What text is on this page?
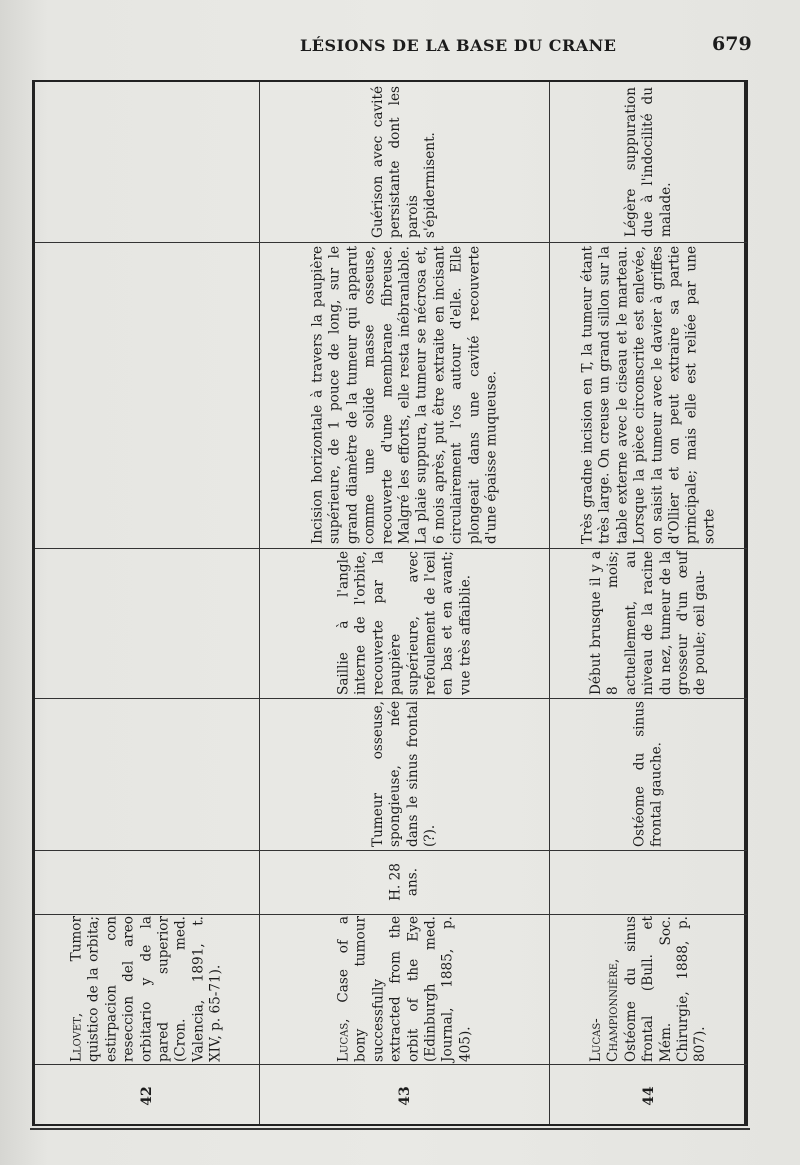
LÉSIONS DE LA BASE DU CRANE	679
Llovet, Tumor quistico de la orbita; estirpacion con reseccion del areo orbitario y de la pared superior (Cron. med. Valencia, 1891, t. XIV, p. 65-71).
42
Guérison avec cavité persistante dont les parois s'épidermisent.
Incision horizontale à travers la paupière supérieure, de 1 pouce de long, sur le grand diamètre de la tumeur qui apparut comme une solide masse osseuse, recouverte d'une membrane fibreuse. Malgré les efforts, elle resta inébranlable. La plaie suppura, la tumeur se nécrosa et, 6 mois après, put être extraite en incisant circulairement l'os autour d'elle. Elle plongeait dans une cavité recouverte d'une épaisse muqueuse.
Saillie à l'angle interne de l'orbite, recouverte par la paupière supérieure, avec refoulement de l'œil en bas et en avant; vue très affaiblie.
Tumeur osseuse, spongieuse, née dans le sinus frontal (?).
H. 28 ans.
Lucas, Case of a bony tumour successfully extracted from the orbit of the Eye (Edinburgh med. Journal, 1885, p. 405).
43
Légère suppuration due à l'indocilité du malade.
Très gradne incision en T, la tumeur étant très large. On creuse un grand sillon sur la table externe avec le ciseau et le marteau. Lorsque la pièce circonscrite est enlevée, on saisit la tumeur avec le davier à griffes d'Ollier et on peut extraire sa partie principale; mais elle est reliée par une sorte
Début brusque il y a 8 mois; actuellement, au niveau de la racine du nez, tumeur de la grosseur d'un œuf de poule; œil gau-
Ostéome du sinus frontal gauche.
Lucas-Championnière, Ostéome du sinus frontal (Bull. et Mém. Soc. Chirurgie, 1888, p. 807).
44
